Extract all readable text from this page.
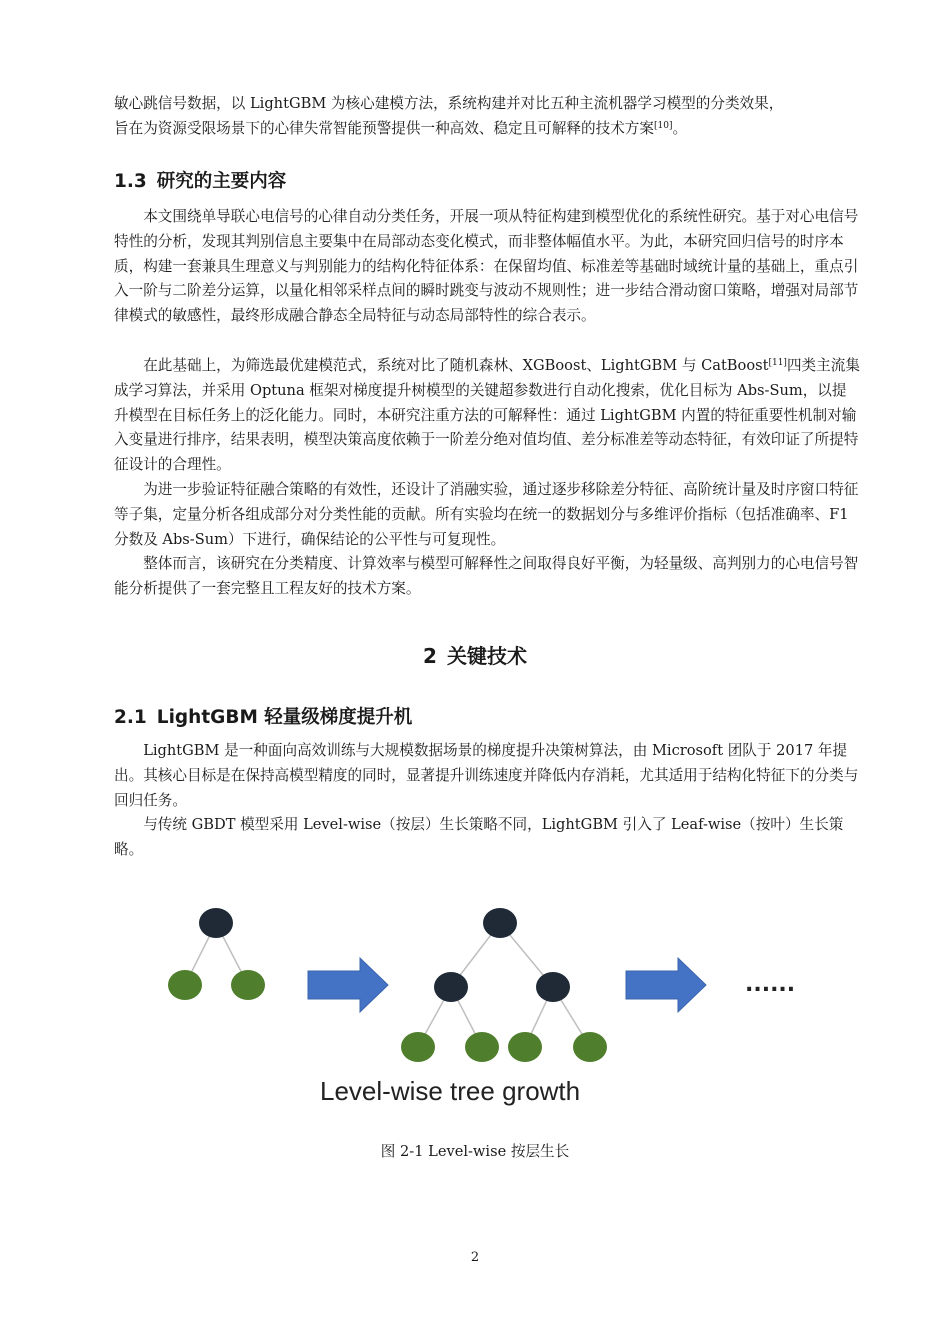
敏心跳信号数据，以 LightGBM 为核心建模方法，系统构建并对比五种主流机器学习模型的分类效果，
旨在为资源受限场景下的心律失常智能预警提供一种高效、稳定且可解释的技术方案[10]。

1.3 研究的主要内容

本文围绕单导联心电信号的心律自动分类任务，开展一项从特征构建到模型优化的系统性研究。基于对心电信号特性的分析，发现其判别信息主要集中在局部动态变化模式，而非整体幅值水平。为此，本研究回归信号的时序本质，构建一套兼具生理意义与判别能力的结构化特征体系：在保留均值、标准差等基础时域统计量的基础上，重点引入一阶与二阶差分运算，以量化相邻采样点间的瞬时跳变与波动不规则性；进一步结合滑动窗口策略，增强对局部节律模式的敏感性，最终形成融合静态全局特征与动态局部特性的综合表示。

在此基础上，为筛选最优建模范式，系统对比了随机森林、XGBoost、LightGBM 与 CatBoost[11]四类主流集成学习算法，并采用 Optuna 框架对梯度提升树模型的关键超参数进行自动化搜索，优化目标为 Abs-Sum，以提升模型在目标任务上的泛化能力。同时，本研究注重方法的可解释性：通过 LightGBM 内置的特征重要性机制对输入变量进行排序，结果表明，模型决策高度依赖于一阶差分绝对值均值、差分标准差等动态特征，有效印证了所提特征设计的合理性。

为进一步验证特征融合策略的有效性，还设计了消融实验，通过逐步移除差分特征、高阶统计量及时序窗口特征等子集，定量分析各组成部分对分类性能的贡献。所有实验均在统一的数据划分与多维评价指标（包括准确率、F1 分数及 Abs-Sum）下进行，确保结论的公平性与可复现性。

整体而言，该研究在分类精度、计算效率与模型可解释性之间取得良好平衡，为轻量级、高判别力的心电信号智能分析提供了一套完整且工程友好的技术方案。

2 关键技术
2.1 LightGBM 轻量级梯度提升机

LightGBM 是一种面向高效训练与大规模数据场景的梯度提升决策树算法，由 Microsoft 团队于 2017 年提出。其核心目标是在保持高模型精度的同时，显著提升训练速度并降低内存消耗，尤其适用于结构化特征下的分类与回归任务。

与传统 GBDT 模型采用 Level-wise（按层）生长策略不同，LightGBM 引入了 Leaf-wise（按叶）生长策略。

......
Level-wise tree growth
图 2-1 Level-wise 按层生长
2
